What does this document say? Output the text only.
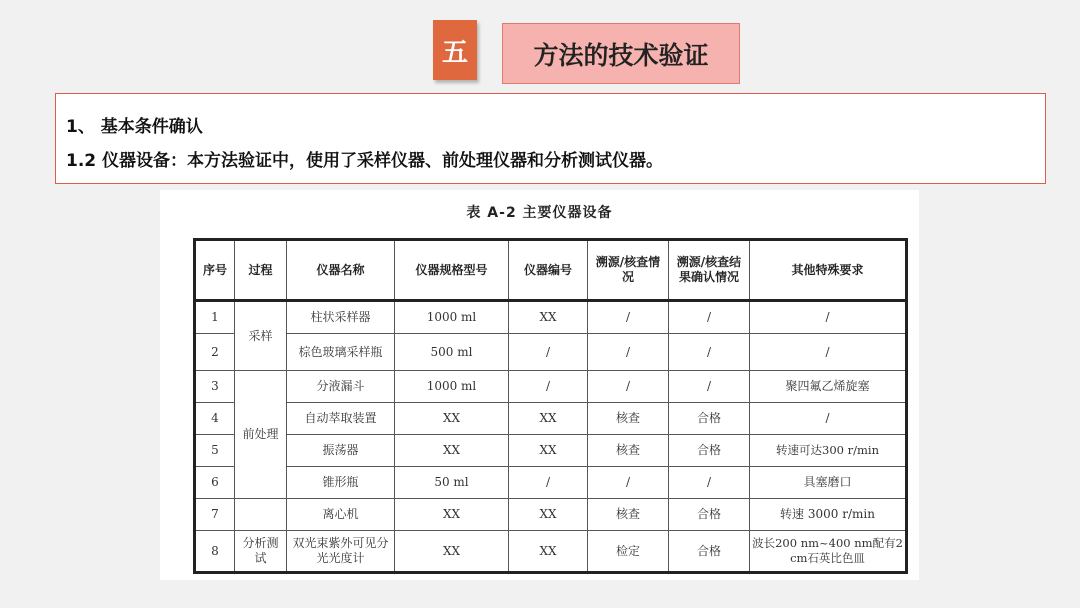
五	方法的技术验证
1、 基本条件确认
1.2 仪器设备：本方法验证中，使用了采样仪器、前处理仪器和分析测试仪器。
表 A-2 主要仪器设备
序号	过程	仪器名称	仪器规格型号	仪器编号	溯源/核查情况	溯源/核查结果确认情况	其他特殊要求
1	采样	柱状采样器	1000 ml	XX	/	/	/
2		棕色玻璃采样瓶	500 ml	/	/	/	/
3	前处理	分液漏斗	1000 ml	/	/	/	聚四氟乙烯旋塞
4		自动萃取装置	XX	XX	核查	合格	/
5		振荡器	XX	XX	核查	合格	转速可达300 r/min
6		锥形瓶	50 ml	/	/	/	具塞磨口
7		离心机	XX	XX	核查	合格	转速 3000 r/min
8	分析测试	双光束紫外可见分光光度计	XX	XX	检定	合格	波长200 nm~400 nm配有2 cm石英比色皿
